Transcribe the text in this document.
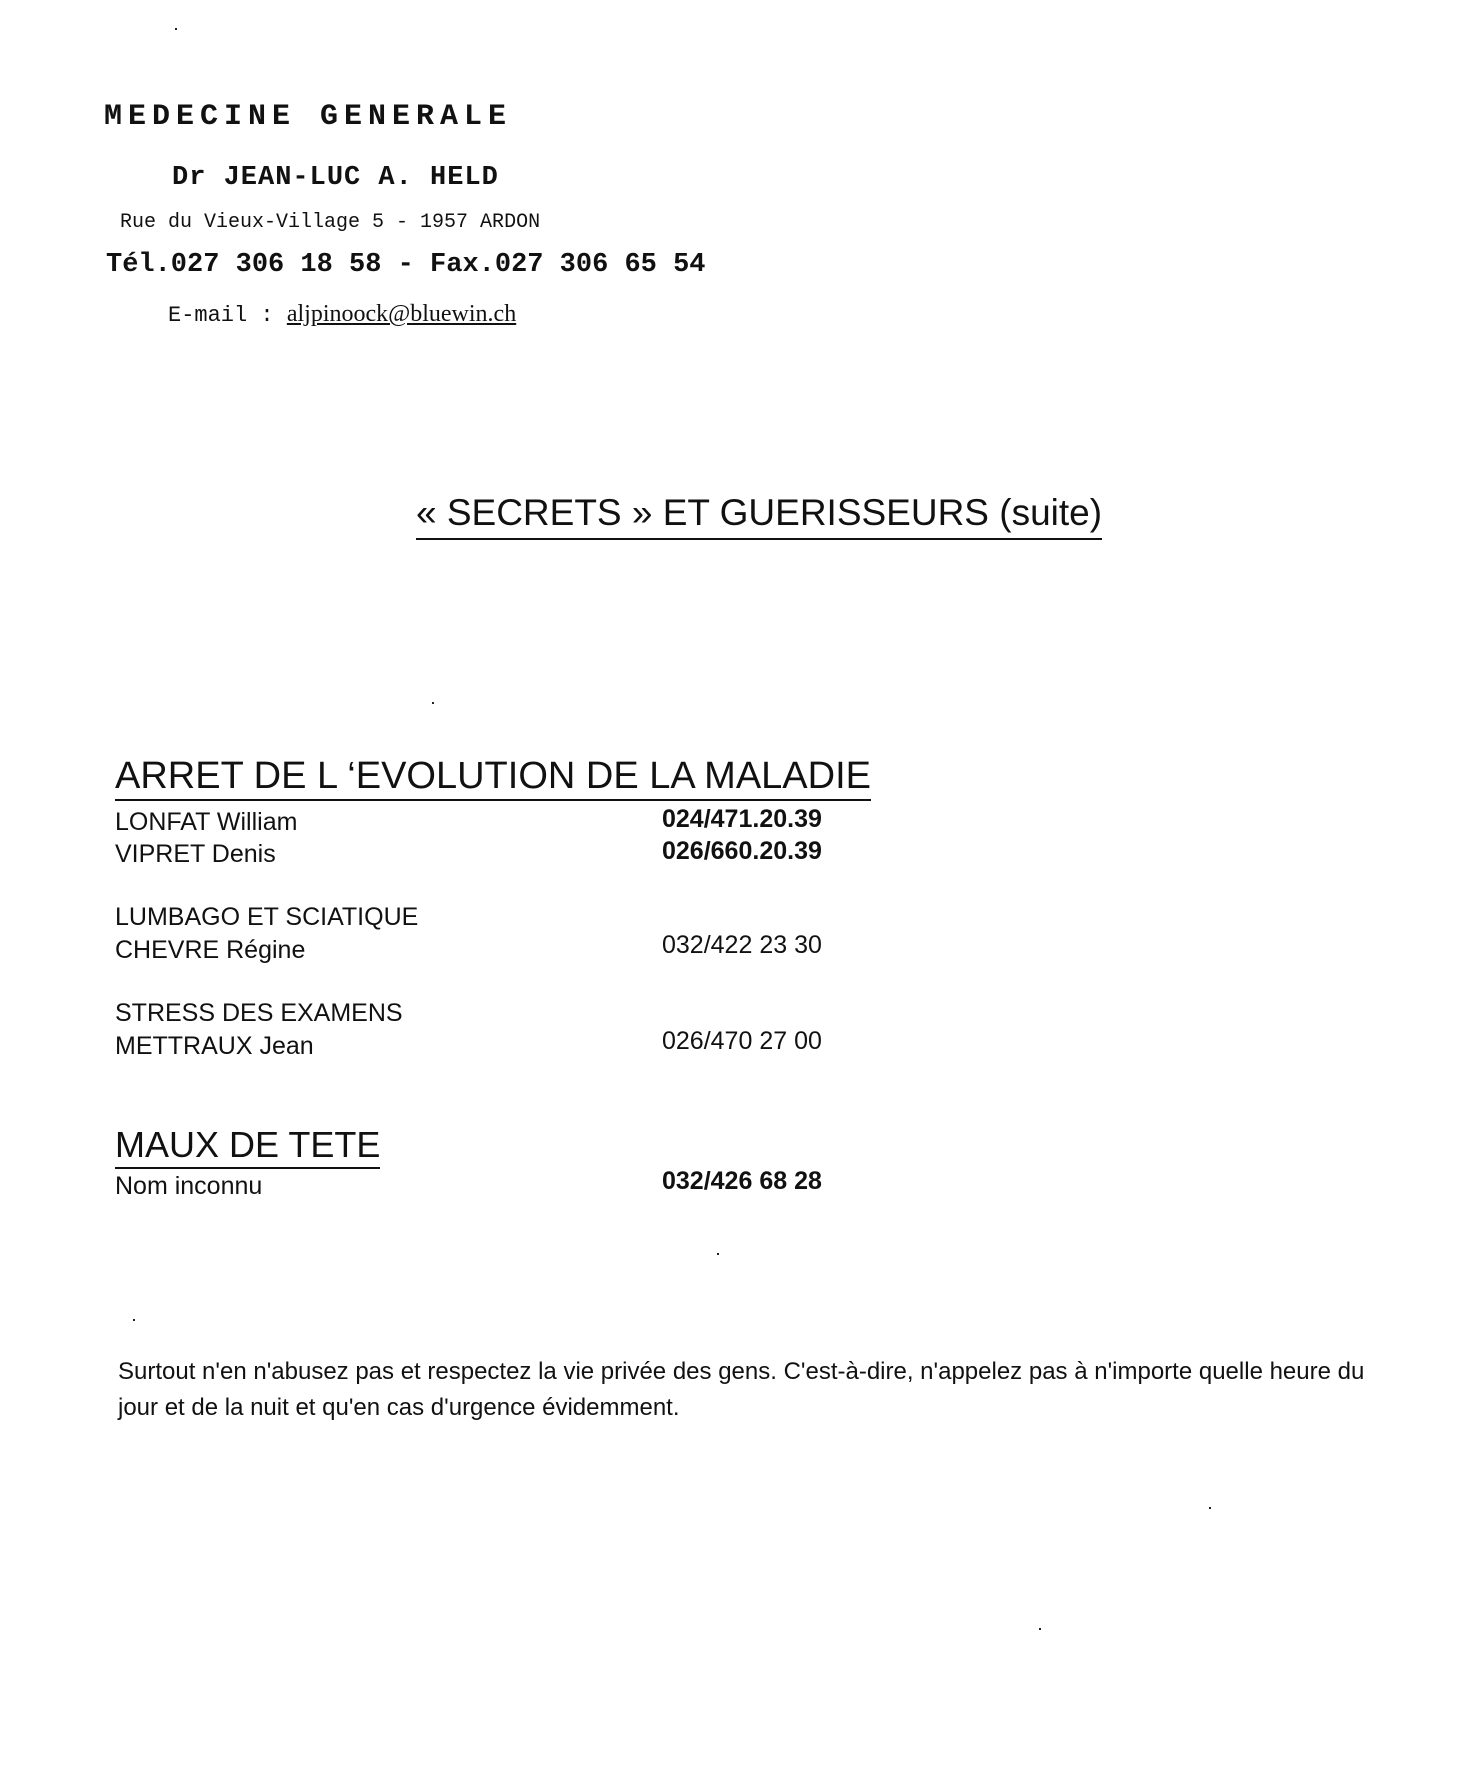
MEDECINE GENERALE
Dr JEAN-LUC A. HELD
Rue du Vieux-Village 5 - 1957 ARDON
Tél.027 306 18 58 - Fax.027 306 65 54
E-mail : aljpinoock@bluewin.ch
« SECRETS » ET GUERISSEURS (suite)
ARRET DE L ‘EVOLUTION DE LA MALADIE
LONFAT William	024/471.20.39
VIPRET Denis	026/660.20.39
LUMBAGO ET SCIATIQUE
CHEVRE Régine	032/422 23 30
STRESS DES EXAMENS
METTRAUX Jean	026/470 27 00
MAUX DE TETE
Nom inconnu	032/426 68 28
Surtout n'en n'abusez pas et respectez la vie privée des gens. C'est-à-dire, n'appelez pas à n'importe quelle heure du jour et de la nuit et qu'en cas d'urgence évidemment.
